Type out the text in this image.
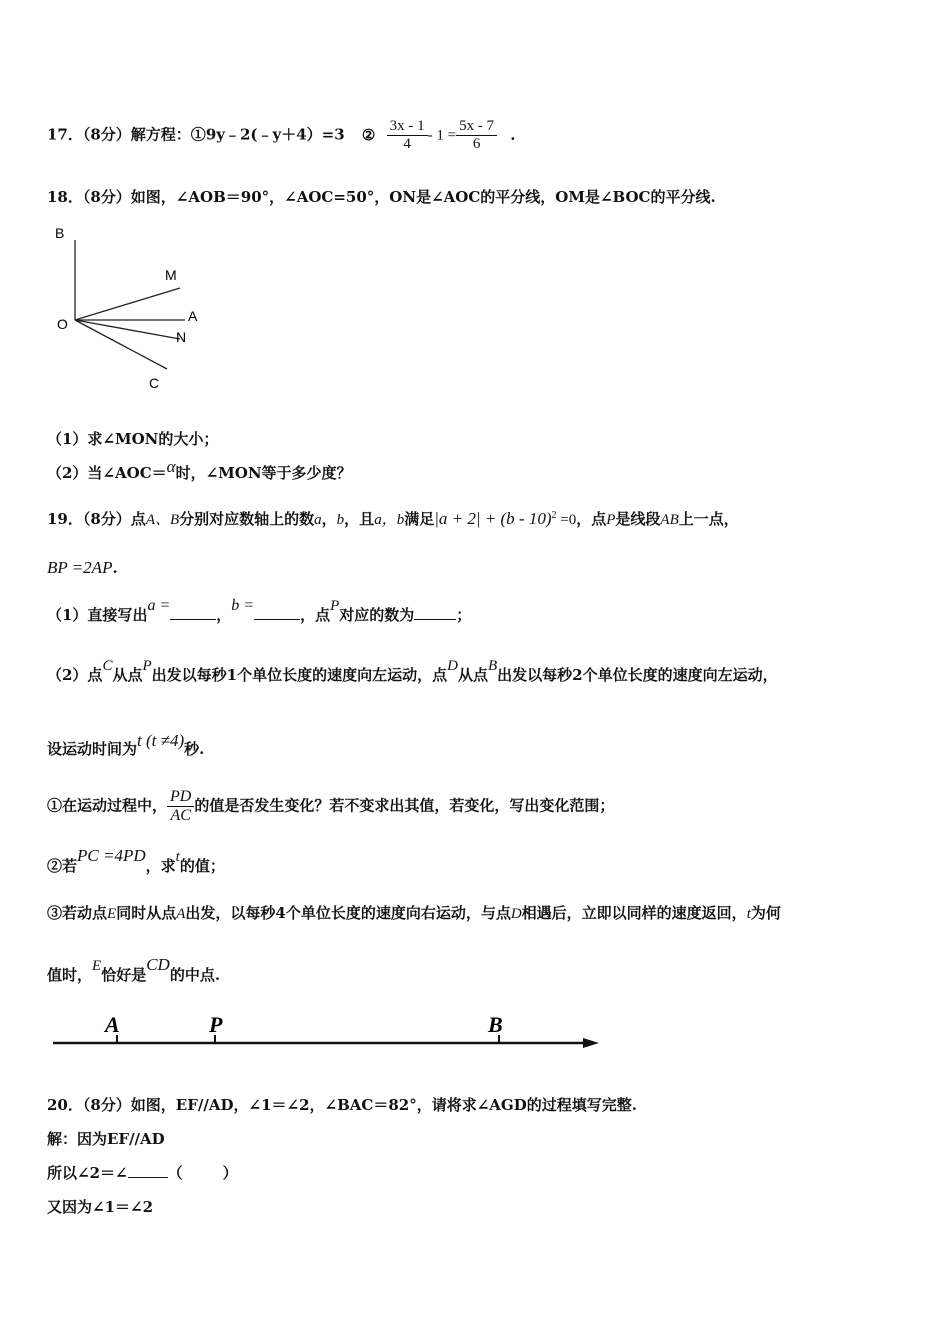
17．（8分）解方程：①9y﹣2(﹣y＋4）=3 ② $\frac{3x - 1}{4} - 1 = \frac{5x - 7}{6}$ .
18．（8分）如图，∠AOB＝90°，∠AOC=50°，ON是∠AOC的平分线，OM是∠BOC的平分线.
B
M
O	A
N
C
（1）求∠MON的大小；
（2）当∠AOC＝α时，∠MON等于多少度？
19．（8分）点A、B分别对应数轴上的数a，b，且a，b满足|a + 2| + (b - 10)$^2$ =0，点P是线段AB上一点，
BP =2AP.
（1）直接写出a =，b =，点P对应的数为	；
（2）点C从点P出发以每秒1个单位长度的速度向左运动，点D从点B出发以每秒2个单位长度的速度向左运动，
设运动时间为t (t ≠4)秒.
①在运动过程中， $\frac{PD}{AC}$ 的值是否发生变化？若不变求出其值，若变化，写出变化范围；
②若PC =4PD，求t的值；
③若动点E同时从点A出发，以每秒4个单位长度的速度向右运动，与点D相遇后，立即以同样的速度返回，t为何
值时，E恰好是CD的中点.
A	P	B
20．（8分）如图，EF//AD，∠1＝∠2，∠BAC＝82°，请将求∠AGD的过程填写完整.
解：因为EF//AD
所以∠2＝∠	（	）
又因为∠1＝∠2
